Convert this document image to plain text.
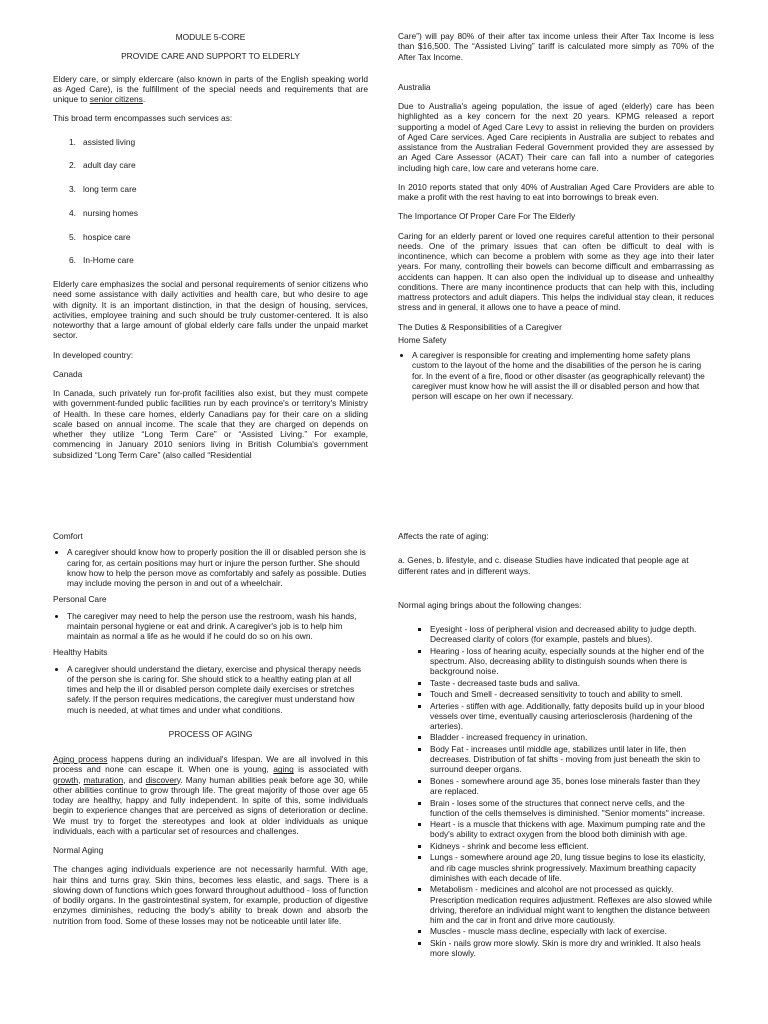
MODULE 5-CORE
PROVIDE CARE AND SUPPORT TO ELDERLY

Eldery care, or simply eldercare (also known in parts of the English speaking world as Aged Care), is the fulfillment of the special needs and requirements that are unique to senior citizens.

This broad term encompasses such services as:

1. assisted living
2. adult day care
3. long term care
4. nursing homes
5. hospice care
6. In-Home care

Elderly care emphasizes the social and personal requirements of senior citizens who need some assistance with daily activities and health care, but who desire to age with dignity. It is an important distinction, in that the design of housing, services, activities, employee training and such should be truly customer-centered. It is also noteworthy that a large amount of global elderly care falls under the unpaid market sector.

In developed country:

Canada

In Canada, such privately run for-profit facilities also exist, but they must compete with government-funded public facilities run by each province's or territory's Ministry of Health. In these care homes, elderly Canadians pay for their care on a sliding scale based on annual income. The scale that they are charged on depends on whether they utilize “Long Term Care” or “Assisted Living.” For example, commencing in January 2010 seniors living in British Columbia's government subsidized “Long Term Care” (also called “Residential

Care”) will pay 80% of their after tax income unless their After Tax Income is less than $16,500. The “Assisted Living” tariff is calculated more simply as 70% of the After Tax Income.

Australia

Due to Australia's ageing population, the issue of aged (elderly) care has been highlighted as a key concern for the next 20 years. KPMG released a report supporting a model of Aged Care Levy to assist in relieving the burden on providers of Aged Care services. Aged Care recipients in Australia are subject to rebates and assistance from the Australian Federal Government provided they are assessed by an Aged Care Assessor (ACAT) Their care can fall into a number of categories including high care, low care and veterans home care.

In 2010 reports stated that only 40% of Australian Aged Care Providers are able to make a profit with the rest having to eat into borrowings to break even.

The Importance Of Proper Care For The Elderly

Caring for an elderly parent or loved one requires careful attention to their personal needs. One of the primary issues that can often be difficult to deal with is incontinence, which can become a problem with some as they age into their later years. For many, controlling their bowels can become difficult and embarrassing as accidents can happen. It can also open the individual up to disease and unhealthy conditions. There are many incontinence products that can help with this, including mattress protectors and adult diapers. This helps the individual stay clean, it reduces stress and in general, it allows one to have a peace of mind.

The Duties & Responsibilities of a Caregiver
Home Safety
• A caregiver is responsible for creating and implementing home safety plans custom to the layout of the home and the disabilities of the person he is caring for. In the event of a fire, flood or other disaster (as geographically relevant) the caregiver must know how he will assist the ill or disabled person and how that person will escape on her own if necessary.
Comfort
• A caregiver should know how to properly position the ill or disabled person she is caring for, as certain positions may hurt or injure the person further. She should know how to help the person move as comfortably and safely as possible. Duties may include moving the person in and out of a wheelchair.
Personal Care
• The caregiver may need to help the person use the restroom, wash his hands, maintain personal hygiene or eat and drink. A caregiver's job is to help him maintain as normal a life as he would if he could do so on his own.
Healthy Habits
• A caregiver should understand the dietary, exercise and physical therapy needs of the person she is caring for. She should stick to a healthy eating plan at all times and help the ill or disabled person complete daily exercises or stretches safely. If the person requires medications, the caregiver must understand how much is needed, at what times and under what conditions.
PROCESS OF AGING

Aging process happens during an individual's lifespan. We are all involved in this process and none can escape it. When one is young, aging is associated with growth, maturation, and discovery. Many human abilities peak before age 30, while other abilities continue to grow through life. The great majority of those over age 65 today are healthy, happy and fully independent. In spite of this, some individuals begin to experience changes that are perceived as signs of deterioration or decline. We must try to forget the stereotypes and look at older individuals as unique individuals, each with a particular set of resources and challenges.

Normal Aging

The changes aging individuals experience are not necessarily harmful. With age, hair thins and turns gray. Skin thins, becomes less elastic, and sags. There is a slowing down of functions which goes forward throughout adulthood - loss of function of bodily organs. In the gastrointestinal system, for example, production of digestive enzymes diminishes, reducing the body's ability to break down and absorb the nutrition from food. Some of these losses may not be noticeable until later life.

Affects the rate of aging:

a. Genes, b. lifestyle, and c. disease Studies have indicated that people age at different rates and in different ways.

Normal aging brings about the following changes:

▪ Eyesight - loss of peripheral vision and decreased ability to judge depth. Decreased clarity of colors (for example, pastels and blues).
▪ Hearing - loss of hearing acuity, especially sounds at the higher end of the spectrum. Also, decreasing ability to distinguish sounds when there is background noise.
▪ Taste - decreased taste buds and saliva.
▪ Touch and Smell - decreased sensitivity to touch and ability to smell.
▪ Arteries - stiffen with age. Additionally, fatty deposits build up in your blood vessels over time, eventually causing arteriosclerosis (hardening of the arteries).
▪ Bladder - increased frequency in urination.
▪ Body Fat - increases until middle age, stabilizes until later in life, then decreases. Distribution of fat shifts - moving from just beneath the skin to surround deeper organs.
▪ Bones - somewhere around age 35, bones lose minerals faster than they are replaced.
▪ Brain - loses some of the structures that connect nerve cells, and the function of the cells themselves is diminished. "Senior moments" increase.
▪ Heart - is a muscle that thickens with age. Maximum pumping rate and the body's ability to extract oxygen from the blood both diminish with age.
▪ Kidneys - shrink and become less efficient.
▪ Lungs - somewhere around age 20, lung tissue begins to lose its elasticity, and rib cage muscles shrink progressively. Maximum breathing capacity diminishes with each decade of life.
▪ Metabolism - medicines and alcohol are not processed as quickly. Prescription medication requires adjustment. Reflexes are also slowed while driving, therefore an individual might want to lengthen the distance between him and the car in front and drive more cautiously.
▪ Muscles - muscle mass decline, especially with lack of exercise.
▪ Skin - nails grow more slowly. Skin is more dry and wrinkled. It also heals more slowly.
